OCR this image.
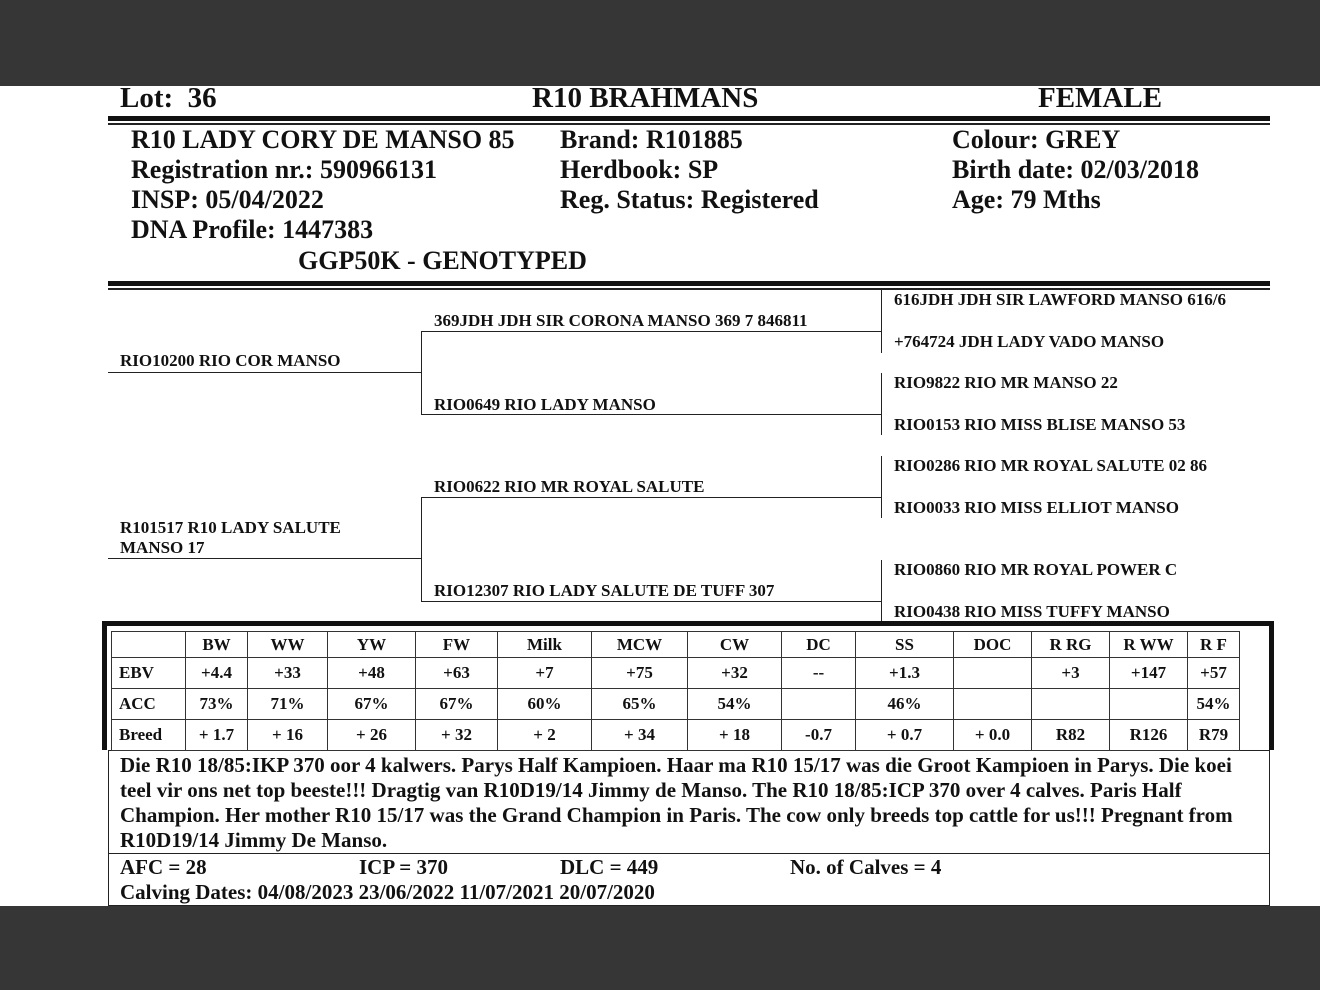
Lot: 36	R10 BRAHMANS	FEMALE
R10 LADY CORY DE MANSO 85
Registration nr.: 590966131
INSP: 05/04/2022
DNA Profile: 1447383
GGP50K - GENOTYPED
Brand: R101885
Herdbook: SP
Reg. Status: Registered
Colour: GREY
Birth date: 02/03/2018
Age: 79 Mths
RIO10200 RIO COR MANSO
R101517 R10 LADY SALUTE MANSO 17
369JDH JDH SIR CORONA MANSO 369 7 846811
RIO0649 RIO LADY MANSO
RIO0622 RIO MR ROYAL SALUTE
RIO12307 RIO LADY SALUTE DE TUFF 307
616JDH JDH SIR LAWFORD MANSO 616/6
+764724 JDH LADY VADO MANSO
RIO9822 RIO MR MANSO 22
RIO0153 RIO MISS BLISE MANSO 53
RIO0286 RIO MR ROYAL SALUTE 02 86
RIO0033 RIO MISS ELLIOT MANSO
RIO0860 RIO MR ROYAL POWER C
RIO0438 RIO MISS TUFFY MANSO
Die R10 18/85:IKP 370 oor 4 kalwers. Parys Half Kampioen. Haar ma R10 15/17 was die Groot Kampioen in Parys. Die koei teel vir ons net top beeste!!! Dragtig van R10D19/14 Jimmy de Manso. The R10 18/85:ICP 370 over 4 calves. Paris Half Champion. Her mother R10 15/17 was the Grand Champion in Paris. The cow only breeds top cattle for us!!! Pregnant from R10D19/14 Jimmy De Manso.
AFC = 28	ICP = 370	DLC = 449	No. of Calves = 4
Calving Dates: 04/08/2023 23/06/2022 11/07/2021 20/07/2020
	BW	WW	YW	FW	Milk	MCW	CW	DC	SS	DOC	R RG	R WW	R F
EBV	+4.4	+33	+48	+63	+7	+75	+32	--	+1.3		+3	+147	+57
ACC	73%	71%	67%	67%	60%	65%	54%		46%				54%
Breed	+ 1.7	+ 16	+ 26	+ 32	+ 2	+ 34	+ 18	-0.7	+ 0.7	+ 0.0	R82	R126	R79
